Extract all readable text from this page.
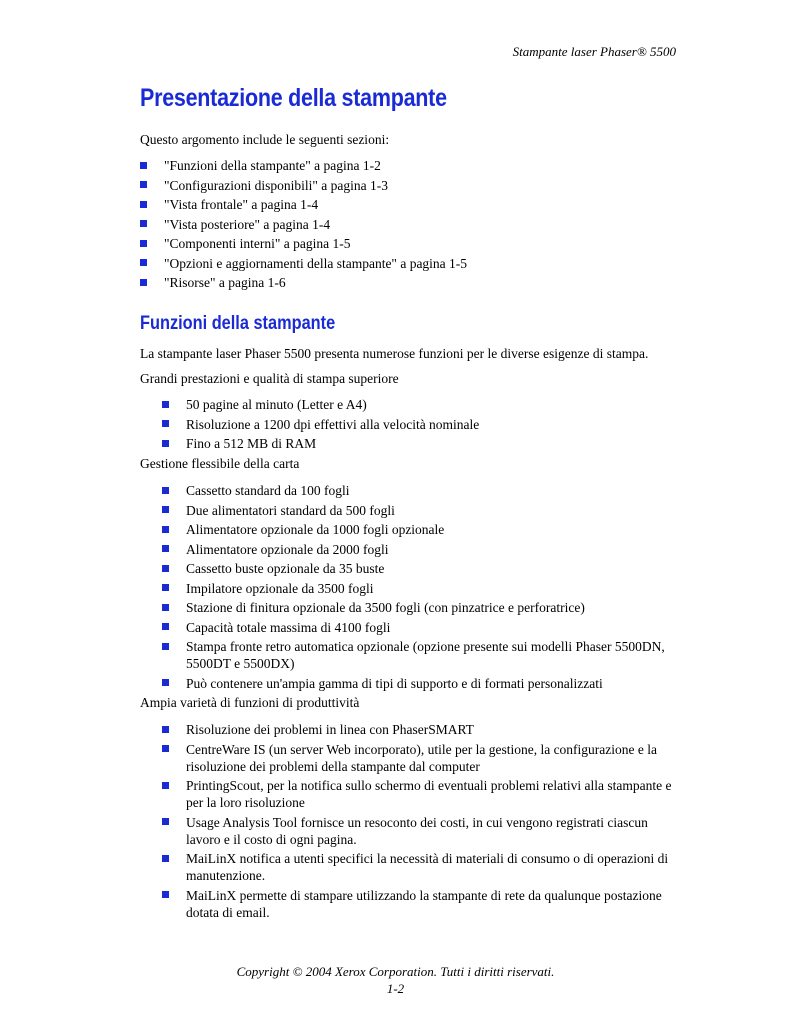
Stampante laser Phaser® 5500
Presentazione della stampante

Questo argomento include le seguenti sezioni:

"Funzioni della stampante" a pagina 1-2
"Configurazioni disponibili" a pagina 1-3
"Vista frontale" a pagina 1-4
"Vista posteriore" a pagina 1-4
"Componenti interni" a pagina 1-5
"Opzioni e aggiornamenti della stampante" a pagina 1-5
"Risorse" a pagina 1-6
Funzioni della stampante

La stampante laser Phaser 5500 presenta numerose funzioni per le diverse esigenze di stampa.

Grandi prestazioni e qualità di stampa superiore

50 pagine al minuto (Letter e A4)
Risoluzione a 1200 dpi effettivi alla velocità nominale
Fino a 512 MB di RAM

Gestione flessibile della carta

Cassetto standard da 100 fogli
Due alimentatori standard da 500 fogli
Alimentatore opzionale da 1000 fogli opzionale
Alimentatore opzionale da 2000 fogli
Cassetto buste opzionale da 35 buste
Impilatore opzionale da 3500 fogli
Stazione di finitura opzionale da 3500 fogli (con pinzatrice e perforatrice)
Capacità totale massima di 4100 fogli
Stampa fronte retro automatica opzionale (opzione presente sui modelli Phaser 5500DN, 5500DT e 5500DX)
Può contenere un'ampia gamma di tipi di supporto e di formati personalizzati

Ampia varietà di funzioni di produttività

Risoluzione dei problemi in linea con PhaserSMART
CentreWare IS (un server Web incorporato), utile per la gestione, la configurazione e la risoluzione dei problemi della stampante dal computer
PrintingScout, per la notifica sullo schermo di eventuali problemi relativi alla stampante e per la loro risoluzione
Usage Analysis Tool fornisce un resoconto dei costi, in cui vengono registrati ciascun lavoro e il costo di ogni pagina.
MaiLinX notifica a utenti specifici la necessità di materiali di consumo o di operazioni di manutenzione.
MaiLinX permette di stampare utilizzando la stampante di rete da qualunque postazione dotata di email.
Copyright © 2004 Xerox Corporation. Tutti i diritti riservati.
1-2
